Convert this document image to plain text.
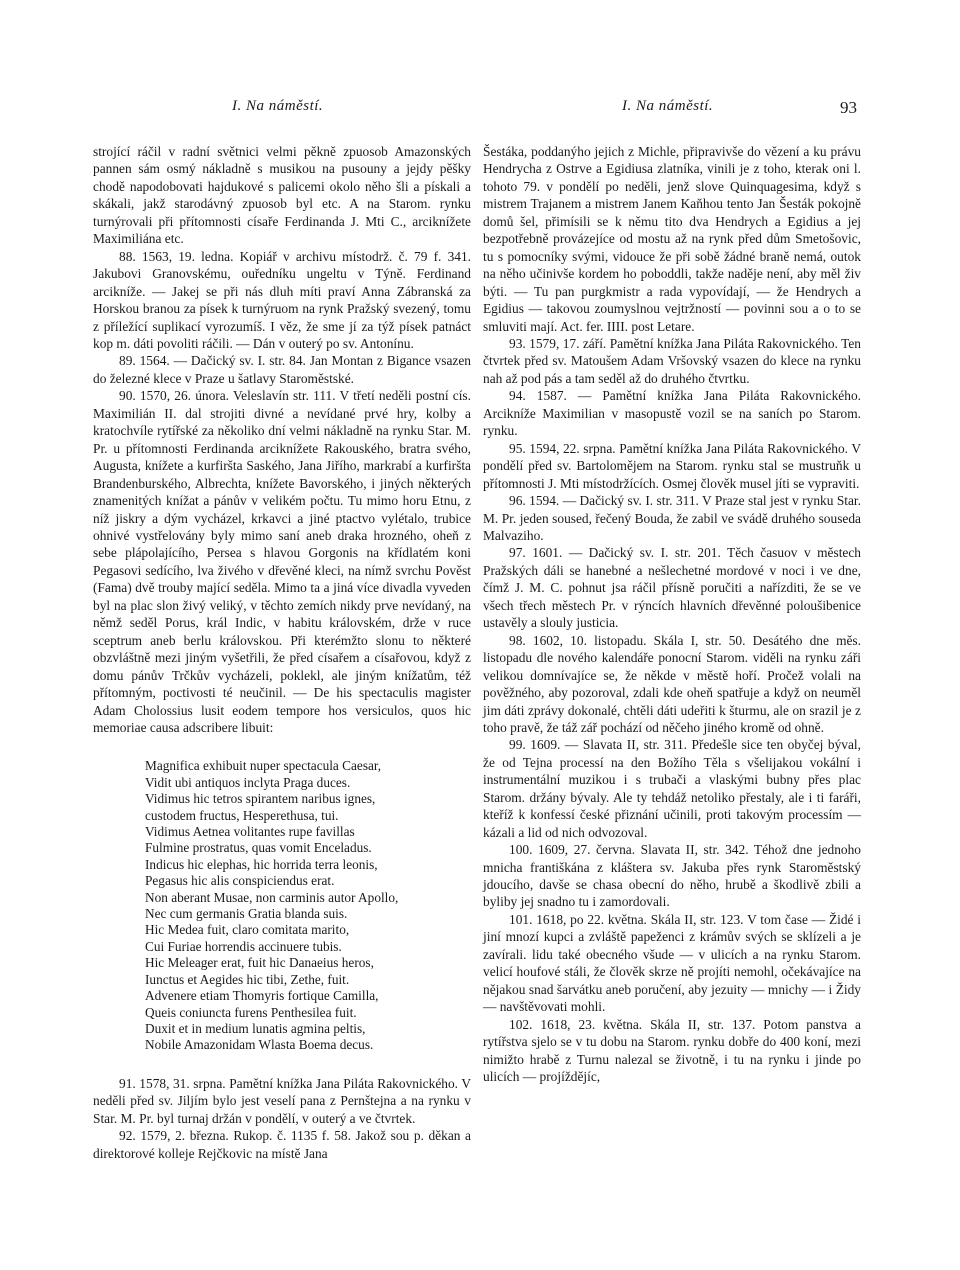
I. Na náměstí.	I. Na náměstí.	93

strojící ráčil v radní světnici velmi pěkně zpuosob Amazonských pannen sám osmý nákladně s musikou na pusouny a jejdy pěšky chodě napodobovati hajdukové s palicemi okolo něho šli a pískali a skákali, jakž starodávný zpuosob byl etc. A na Starom. rynku turnýrovali při přítomnosti císaře Ferdinanda J. Mti C., arciknížete Maximiliána etc.

88. 1563, 19. ledna. Kopiář v archivu místodrž. č. 79 f. 341. Jakubovi Granovskému, ouředníku ungeltu v Týně. Ferdinand arcikníže. — Jakej se při nás dluh míti praví Anna Zábranská za Horskou branou za písek k turnýruom na rynk Pražský svezený, tomu z příležící suplikací vyrozumíš. I věz, že sme jí za týž písek patnáct kop m. dáti povoliti ráčili. — Dán v outerý po sv. Antonínu.

89. 1564. — Dačický sv. I. str. 84. Jan Montan z Bigance vsazen do železné klece v Praze u šatlavy Staroměstské.

90. 1570, 26. února. Veleslavín str. 111. V třetí neděli postní cís. Maximilián II. dal strojiti divné a nevídané prvé hry, kolby a kratochvíle rytířské za několiko dní velmi nákladně na rynku Star. M. Pr. u přítomnosti Ferdinanda arciknížete Rakouského, bratra svého, Augusta, knížete a kurfiršta Saského, Jana Jiřího, markrabí a kurfiršta Brandenburského, Albrechta, knížete Bavorského, i jiných některých znamenitých knížat a pánův v velikém počtu. Tu mimo horu Etnu, z níž jiskry a dým vycházel, krkavci a jiné ptactvo vylétalo, trubice ohnivé vystřelovány byly mimo saní aneb draka hrozného, oheň z sebe plápolajícího, Persea s hlavou Gorgonis na křídlatém koni Pegasovi sedícího, lva živého v dřevěné kleci, na nímž svrchu Pověst (Fama) dvě trouby mající seděla. Mimo ta a jiná více divadla vyveden byl na plac slon živý veliký, v těchto zemích nikdy prve nevídaný, na němž seděl Porus, král Indic, v habitu královském, drže v ruce sceptrum aneb berlu královskou. Při kterémžto slonu to některé obzvláštně mezi jiným vyšetřili, že před císařem a císařovou, když z domu pánův Trčkův vycházeli, poklekl, ale jiným knížatům, též přítomným, poctivosti té neučinil. — De his spectaculis magister Adam Cholossius lusit eodem tempore hos versiculos, quos hic memoriae causa adscribere libuit:

Magnifica exhibuit nuper spectacula Caesar,
Vidit ubi antiquos inclyta Praga duces.
Vidimus hic tetros spirantem naribus ignes,
custodem fructus, Hesperethusa, tui.
Vidimus Aetnea volitantes rupe favillas
Fulmine prostratus, quas vomit Enceladus.
Indicus hic elephas, hic horrida terra leonis,
Pegasus hic alis conspiciendus erat.
Non aberant Musae, non carminis autor Apollo,
Nec cum germanis Gratia blanda suis.
Hic Medea fuit, claro comitata marito,
Cui Furiae horrendis accinuere tubis.
Hic Meleager erat, fuit hic Danaeius heros,
Iunctus et Aegides hic tibi, Zethe, fuit.
Advenere etiam Thomyris fortique Camilla,
Queis coniuncta furens Penthesilea fuit.
Duxit et in medium lunatis agmina peltis,
Nobile Amazonidam Wlasta Boema decus.

91. 1578, 31. srpna. Pamětní knížka Jana Piláta Rakovnického. V neděli před sv. Jiljím bylo jest veselí pana z Pernštejna a na rynku v Star. M. Pr. byl turnaj držán v pondělí, v outerý a ve čtvrtek.

92. 1579, 2. března. Rukop. č. 1135 f. 58. Jakož sou p. děkan a direktorové kolleje Rejčkovic na místě Jana

Šestáka, poddanýho jejich z Michle, připravivše do vězení a ku právu Hendrycha z Ostrve a Egidiusa zlatníka, vinili je z toho, kterak oni l. tohoto 79. v pondělí po neděli, jenž slove Quinquagesima, když s mistrem Trajanem a mistrem Janem Kaňhou tento Jan Šesták pokojně domů šel, přimísili se k němu tito dva Hendrych a Egidius a jej bezpotřebně provázejíce od mostu až na rynk před dům Smetošovic, tu s pomocníky svými, vidouce že při sobě žádné braně nemá, outok na něho učinivše kordem ho poboddli, takže naděje není, aby měl živ býti. — Tu pan purgkmistr a rada vypovídají, — že Hendrych a Egidius — takovou zoumyslnou vejtržností — povinni sou a o to se smluviti mají. Act. fer. IIII. post Letare.

93. 1579, 17. září. Pamětní knížka Jana Piláta Rakovnického. Ten čtvrtek před sv. Matoušem Adam Vršovský vsazen do klece na rynku nah až pod pás a tam seděl až do druhého čtvrtku.

94. 1587. — Pamětní knížka Jana Piláta Rakovnického. Arcikníže Maximilian v masopustě vozil se na saních po Starom. rynku.

95. 1594, 22. srpna. Pamětní knížka Jana Piláta Rakovnického. V pondělí před sv. Bartolomějem na Starom. rynku stal se mustruňk u přítomnosti J. Mti místodržících. Osmej člověk musel jíti se vypraviti.

96. 1594. — Dačický sv. I. str. 311. V Praze stal jest v rynku Star. M. Pr. jeden soused, řečený Bouda, že zabil ve svádě druhého souseda Malvaziho.

97. 1601. — Dačický sv. I. str. 201. Těch časuov v městech Pražských dáli se hanebné a nešlechetné mordové v noci i ve dne, čímž J. M. C. pohnut jsa ráčil přísně poručiti a nařízditi, že se ve všech třech městech Pr. v rýncích hlavních dřevěnné poloušibenice ustavěly a slouly justicia.

98. 1602, 10. listopadu. Skála I, str. 50. Desátého dne měs. listopadu dle nového kalendáře ponocní Starom. viděli na rynku záři velikou domnívajíce se, že někde v městě hoří. Pročež volali na pověžného, aby pozoroval, zdali kde oheň spatřuje a když on neuměl jim dáti zprávy dokonalé, chtěli dáti udeřiti k šturmu, ale on srazil je z toho pravě, že táž zář pochází od něčeho jiného kromě od ohně.

99. 1609. — Slavata II, str. 311. Předešle sice ten obyčej býval, že od Tejna processí na den Božího Těla s všelijakou vokální i instrumentální muzikou i s trubači a vlaskými bubny přes plac Starom. držány bývaly. Ale ty tehdáž netoliko přestaly, ale i ti faráři, kteříž k konfessí české přiznání učinili, proti takovým processím — kázali a lid od nich odvozoval.

100. 1609, 27. června. Slavata II, str. 342. Téhož dne jednoho mnicha františkána z kláštera sv. Jakuba přes rynk Staroměstský jdoucího, davše se chasa obecní do něho, hrubě a škodlivě zbili a byliby jej snadno tu i zamordovali.

101. 1618, po 22. května. Skála II, str. 123. V tom čase — Židé i jiní mnozí kupci a zvláště papeženci z krámův svých se sklízeli a je zavírali. lidu také obecného všude — v ulicích a na rynku Starom. velicí houfové stáli, že člověk skrze ně projíti nemohl, očekávajíce na nějakou snad šarvátku aneb poručení, aby jezuity — mnichy — i Židy — navštěvovati mohli.

102. 1618, 23. května. Skála II, str. 137. Potom panstva a rytířstva sjelo se v tu dobu na Starom. rynku dobře do 400 koní, mezi nimižto hrabě z Turnu nalezal se životně, i tu na rynku i jinde po ulicích — projíždějíc,
